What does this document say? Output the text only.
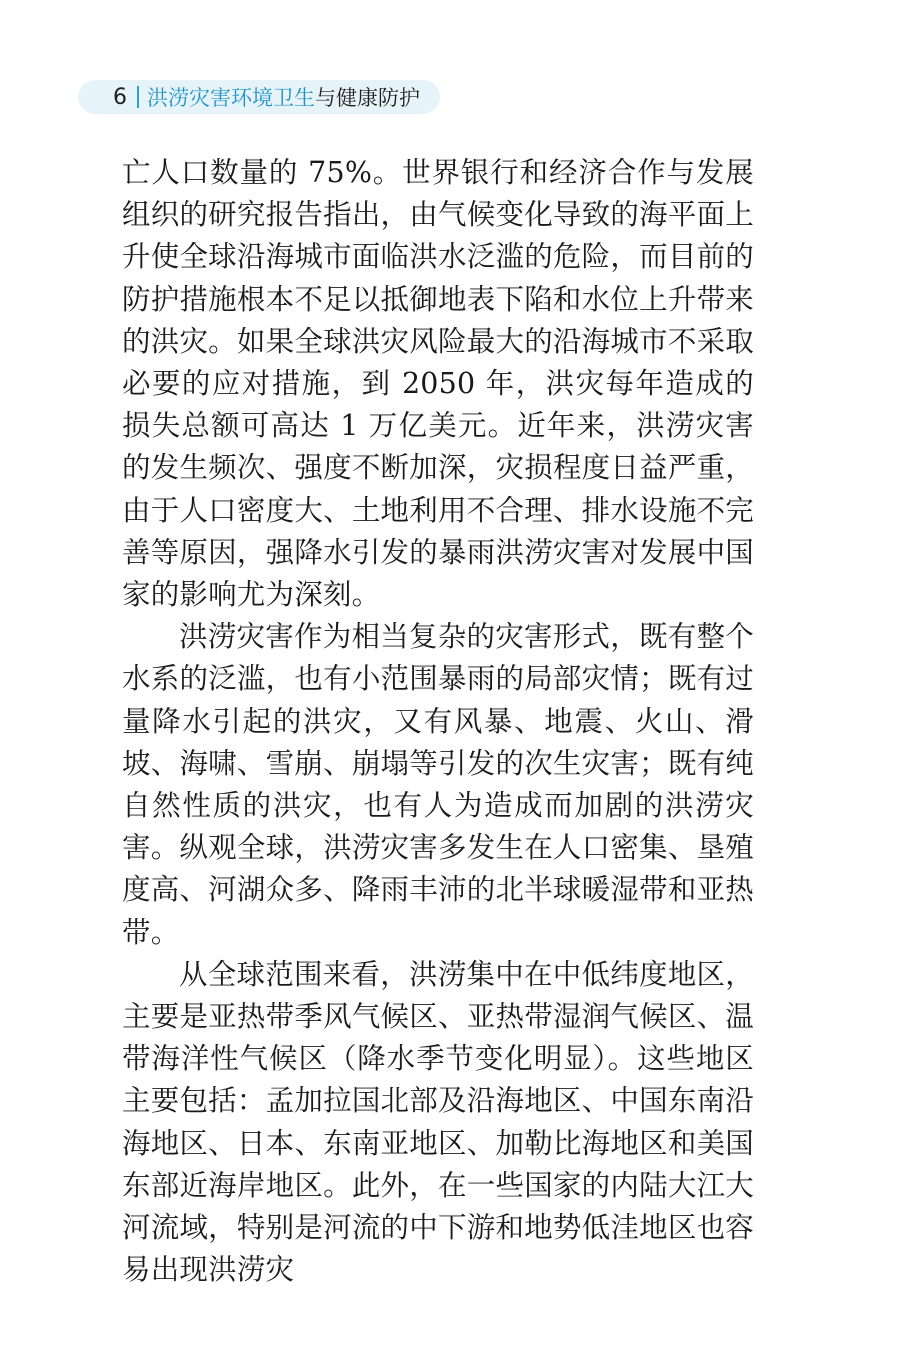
6 洪涝灾害环境卫生 与健康防护

亡人口数量的 75%。世界银行和经济合作与发展组织的研究报告指出，由气候变化导致的海平面上升使全球沿海城市面临洪水泛滥的危险，而目前的防护措施根本不足以抵御地表下陷和水位上升带来的洪灾。如果全球洪灾风险最大的沿海城市不采取必要的应对措施，到 2050 年，洪灾每年造成的损失总额可高达 1 万亿美元。近年来，洪涝灾害的发生频次、强度不断加深，灾损程度日益严重，由于人口密度大、土地利用不合理、排水设施不完善等原因，强降水引发的暴雨洪涝灾害对发展中国家的影响尤为深刻。

洪涝灾害作为相当复杂的灾害形式，既有整个水系的泛滥，也有小范围暴雨的局部灾情；既有过量降水引起的洪灾，又有风暴、地震、火山、滑坡、海啸、雪崩、崩塌等引发的次生灾害；既有纯自然性质的洪灾，也有人为造成而加剧的洪涝灾害。纵观全球，洪涝灾害多发生在人口密集、垦殖度高、河湖众多、降雨丰沛的北半球暖湿带和亚热带。

从全球范围来看，洪涝集中在中低纬度地区，主要是亚热带季风气候区、亚热带湿润气候区、温带海洋性气候区（降水季节变化明显）。这些地区主要包括：孟加拉国北部及沿海地区、中国东南沿海地区、日本、东南亚地区、加勒比海地区和美国东部近海岸地区。此外，在一些国家的内陆大江大河流域，特别是河流的中下游和地势低洼地区也容易出现洪涝灾
